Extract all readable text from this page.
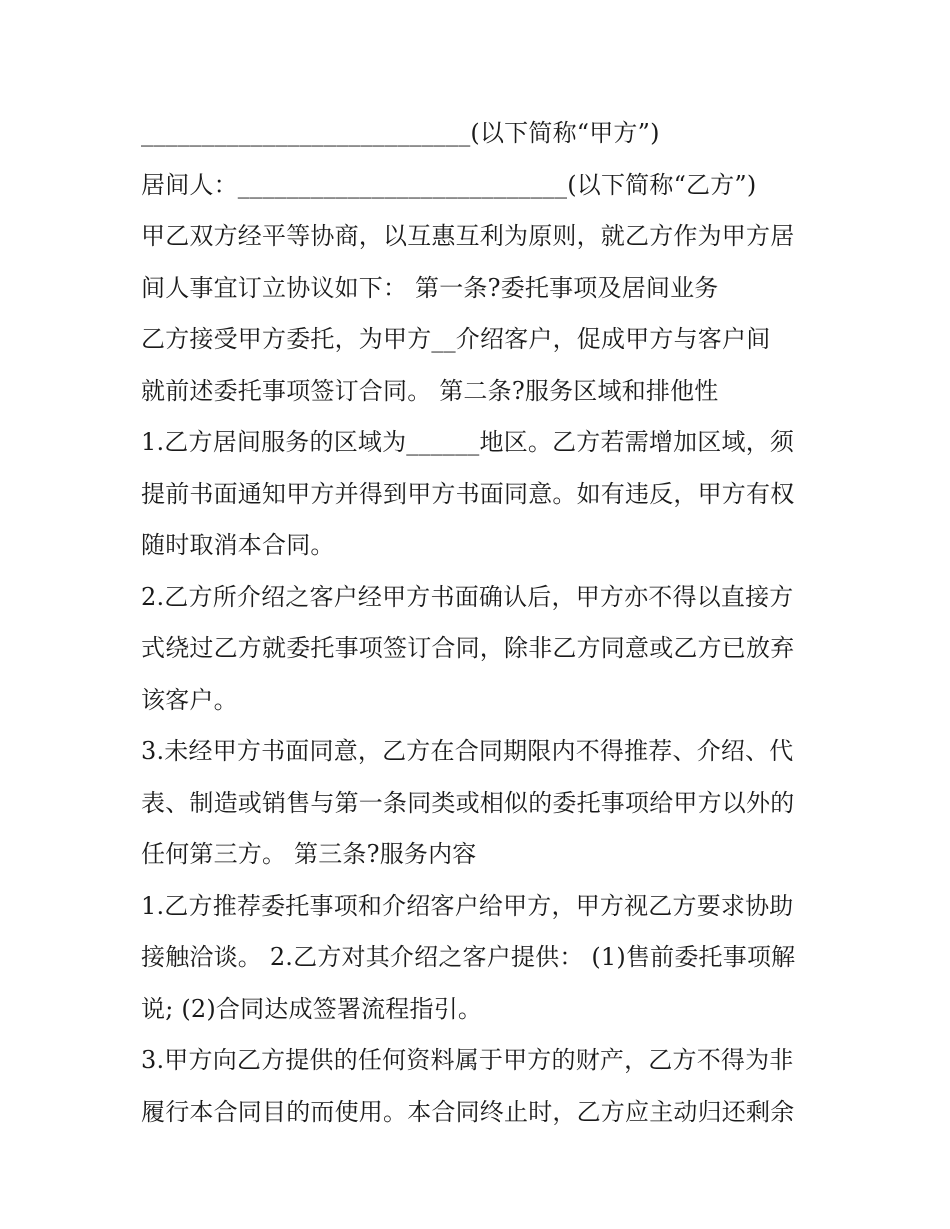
___________________________(以下简称“甲方”)
居间人：___________________________(以下简称“乙方”)
甲乙双方经平等协商，以互惠互利为原则，就乙方作为甲方居
间人事宜订立协议如下： 第一条?委托事项及居间业务
乙方接受甲方委托，为甲方__介绍客户，促成甲方与客户间
就前述委托事项签订合同。 第二条?服务区域和排他性
1.乙方居间服务的区域为______地区。乙方若需增加区域，须
提前书面通知甲方并得到甲方书面同意。如有违反，甲方有权
随时取消本合同。
2.乙方所介绍之客户经甲方书面确认后，甲方亦不得以直接方
式绕过乙方就委托事项签订合同，除非乙方同意或乙方已放弃
该客户。
3.未经甲方书面同意，乙方在合同期限内不得推荐、介绍、代
表、制造或销售与第一条同类或相似的委托事项给甲方以外的
任何第三方。 第三条?服务内容
1.乙方推荐委托事项和介绍客户给甲方，甲方视乙方要求协助
接触洽谈。 2.乙方对其介绍之客户提供： (1)售前委托事项解
说; (2)合同达成签署流程指引。
3.甲方向乙方提供的任何资料属于甲方的财产，乙方不得为非
履行本合同目的而使用。本合同终止时，乙方应主动归还剩余
